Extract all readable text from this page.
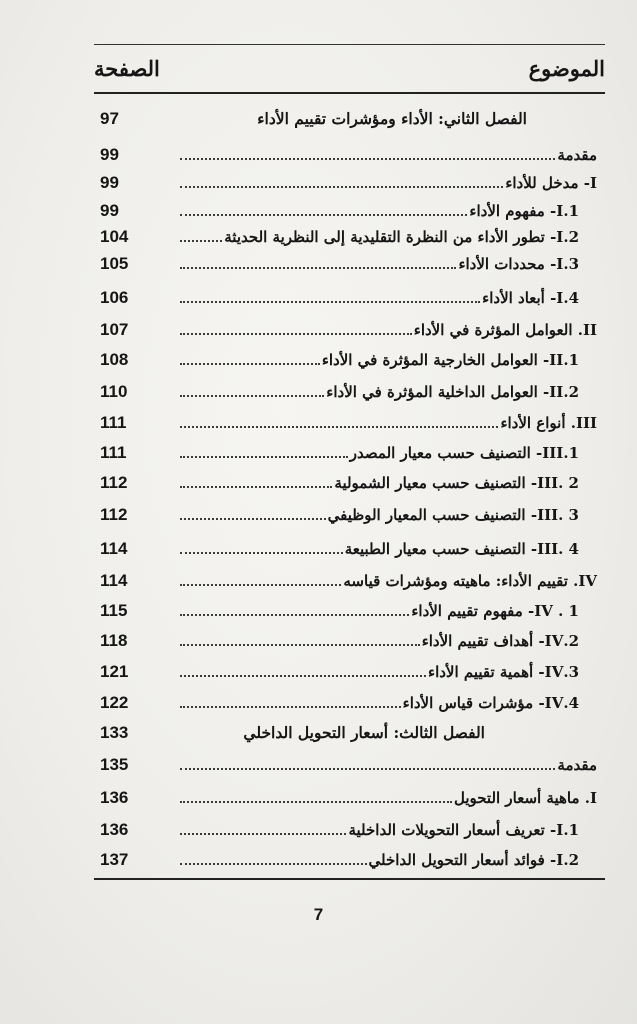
الموضوع
الصفحة
الفصل الثاني: الأداء ومؤشرات تقييم الأداء
97
مقدمة
99
I- مدخل للأداء
99
1.I- مفهوم الأداء
99
2.I- تطور الأداء من النظرة التقليدية إلى النظرية الحديثة
104
3.I- محددات الأداء
105
4.I- أبعاد الأداء
106
II. العوامل المؤثرة في الأداء
107
1.II- العوامل الخارجية المؤثرة في الأداء
108
2.II- العوامل الداخلية المؤثرة في الأداء
110
III. أنواع الأداء
111
1.III- التصنيف حسب معيار المصدر
111
III. 2- التصنيف حسب معيار الشمولية
112
III. 3- التصنيف حسب المعيار الوظيفي
112
III. 4- التصنيف حسب معيار الطبيعة
114
IV. تقييم الأداء: ماهيته ومؤشرات قياسه
114
IV . 1- مفهوم تقييم الأداء
115
2.IV- أهداف تقييم الأداء
118
3.IV- أهمية تقييم الأداء
121
4.IV- مؤشرات قياس الأداء
122
الفصل الثالث: أسعار التحويل الداخلي
133
مقدمة
135
I. ماهية أسعار التحويل
136
1.I- تعريف أسعار التحويلات الداخلية
136
2.I- فوائد أسعار التحويل الداخلي
137
7
